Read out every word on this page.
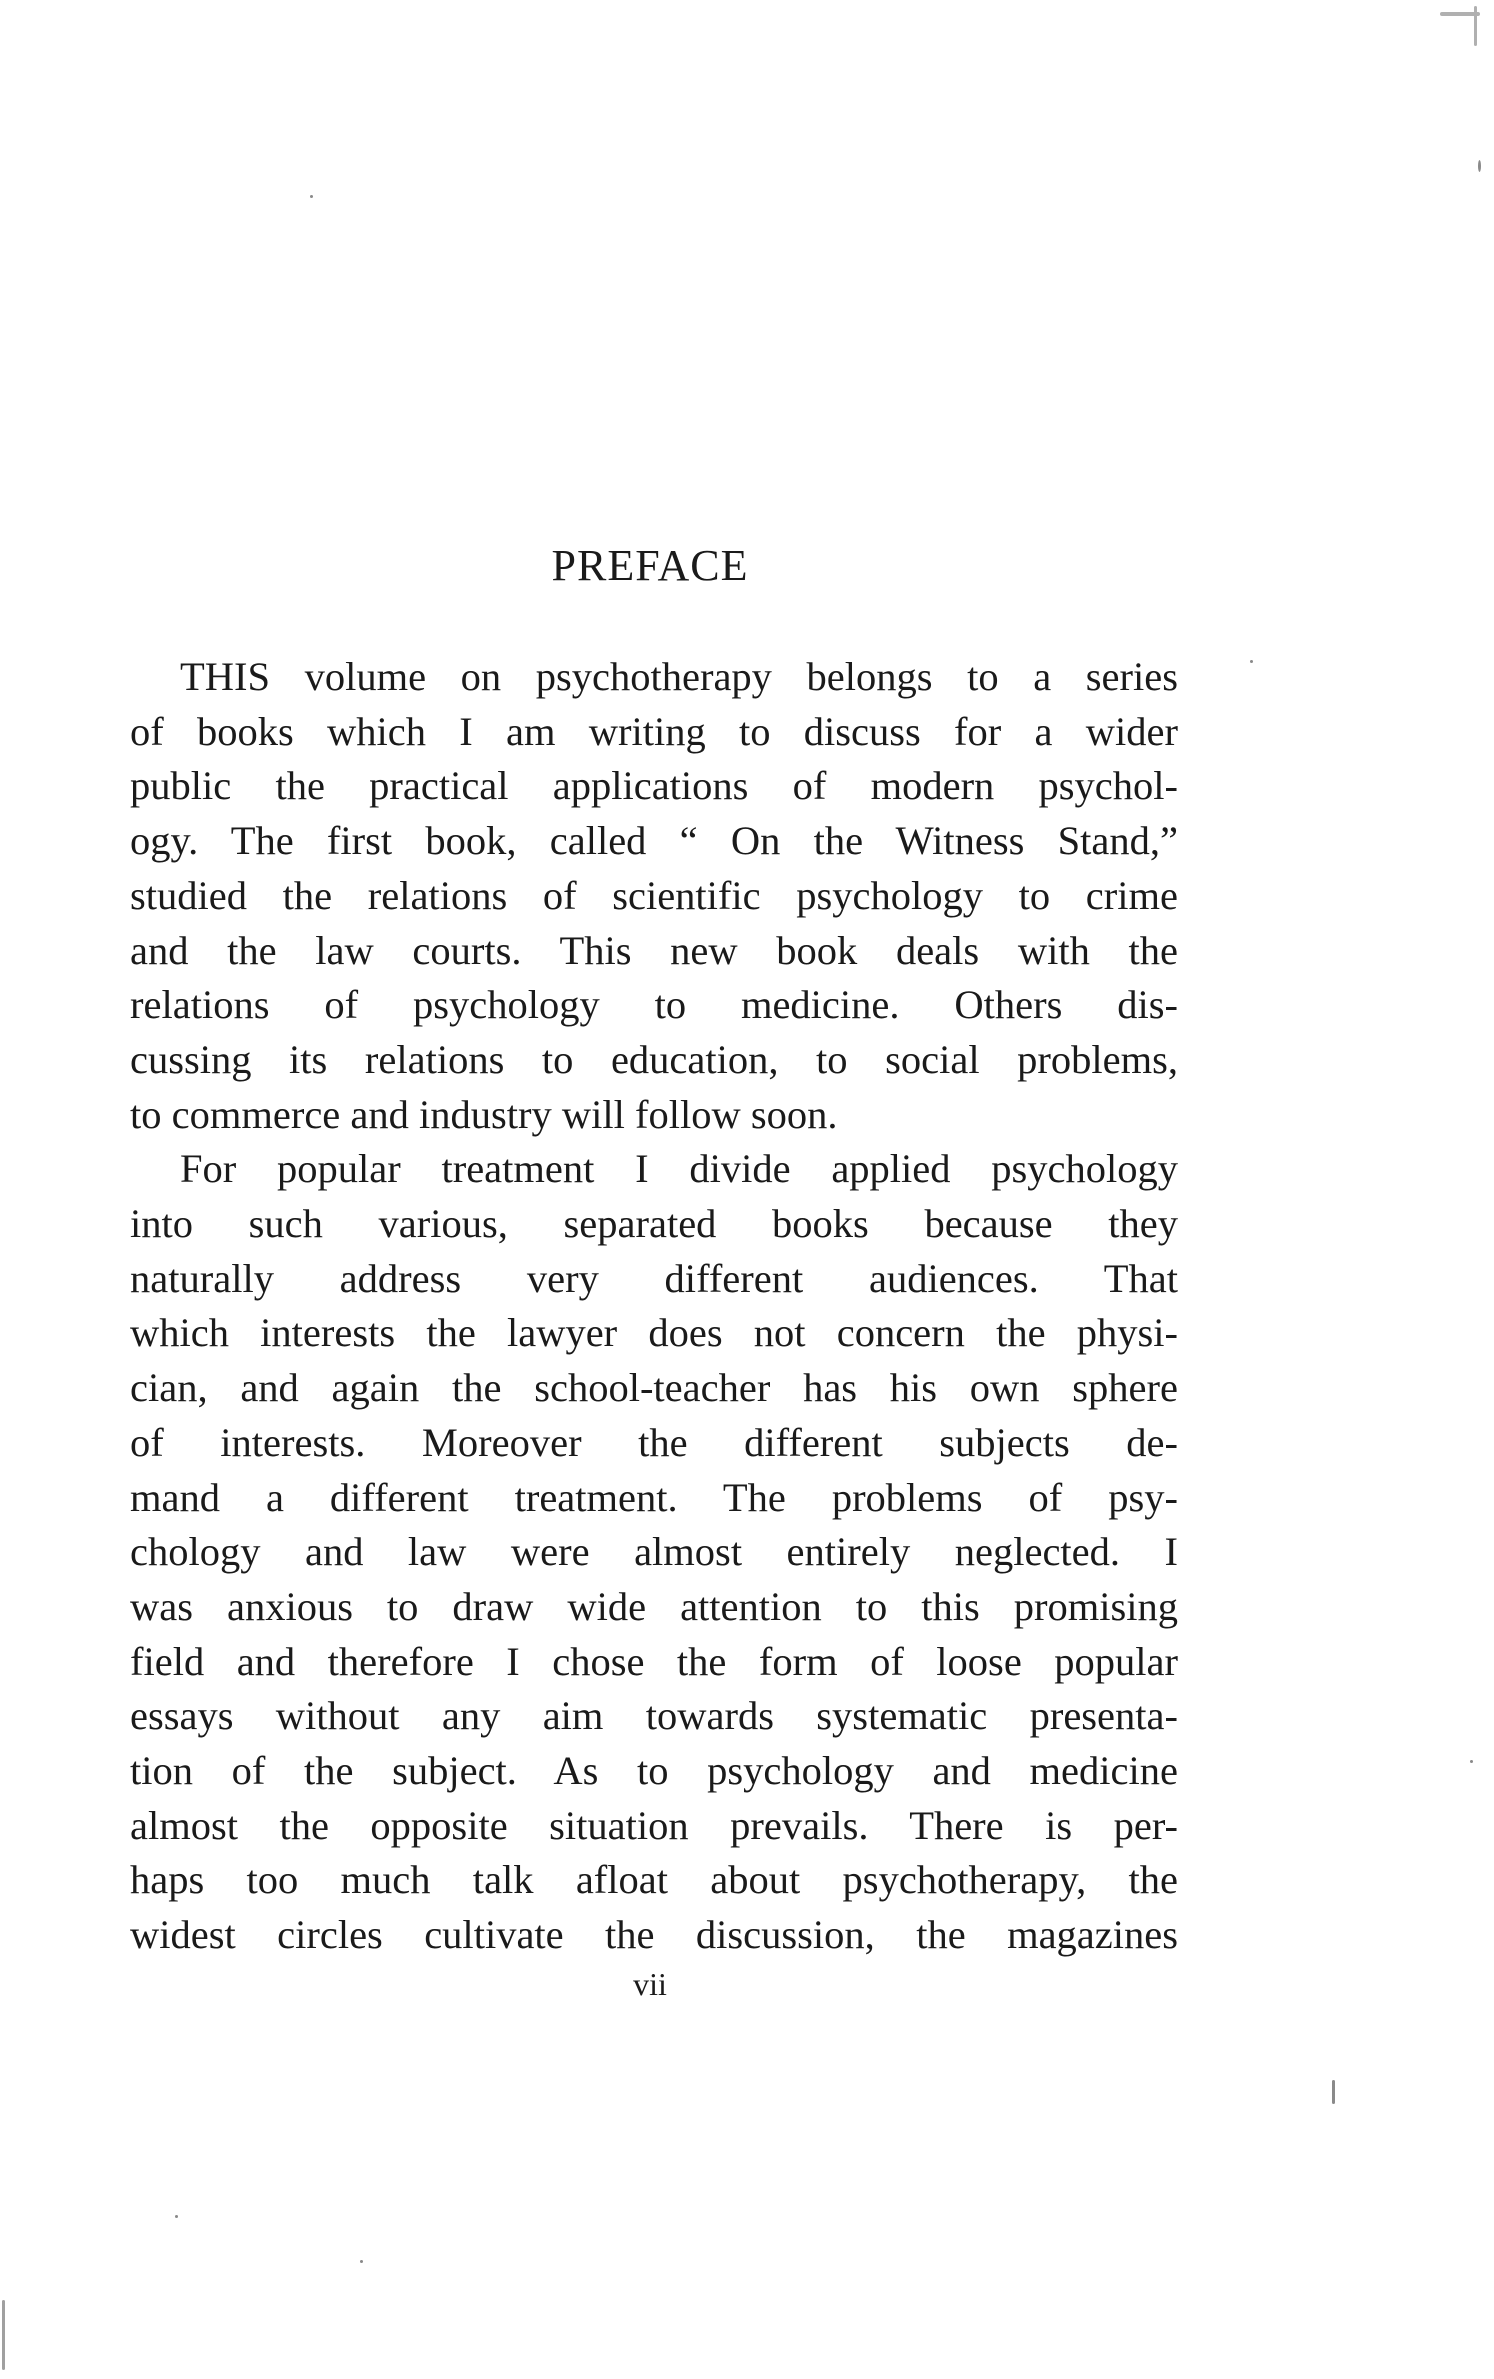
PREFACE
THIS volume on psychotherapy belongs to a series
of books which I am writing to discuss for a wider
public the practical applications of modern psychol-
ogy. The first book, called “ On the Witness Stand,”
studied the relations of scientific psychology to crime
and the law courts. This new book deals with the
relations of psychology to medicine. Others dis-
cussing its relations to education, to social problems,
to commerce and industry will follow soon.
For popular treatment I divide applied psychology
into such various, separated books because they
naturally address very different audiences. That
which interests the lawyer does not concern the physi-
cian, and again the school-teacher has his own sphere
of interests. Moreover the different subjects de-
mand a different treatment. The problems of psy-
chology and law were almost entirely neglected. I
was anxious to draw wide attention to this promising
field and therefore I chose the form of loose popular
essays without any aim towards systematic presenta-
tion of the subject. As to psychology and medicine
almost the opposite situation prevails. There is per-
haps too much talk afloat about psychotherapy, the
widest circles cultivate the discussion, the magazines
vii
